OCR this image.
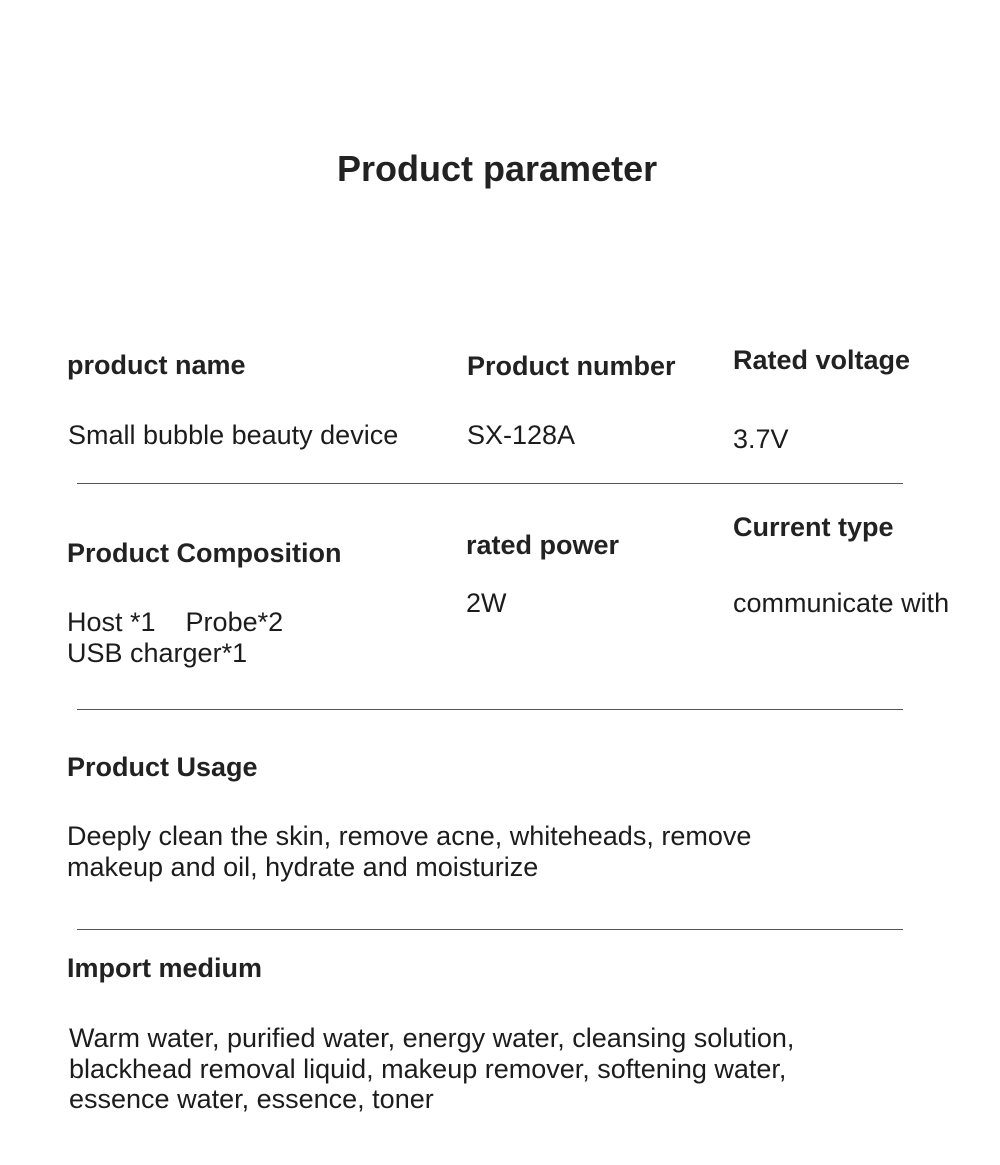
Product parameter
product name
Small bubble beauty device
Product number
SX-128A
Rated voltage
3.7V
Product Composition
Host *1    Probe*2
USB charger*1
rated power
2W
Current type
communicate with
Product Usage
Deeply clean the skin, remove acne, whiteheads, remove
makeup and oil, hydrate and moisturize
Import medium
Warm water, purified water, energy water, cleansing solution,
blackhead removal liquid, makeup remover, softening water,
essence water, essence, toner
